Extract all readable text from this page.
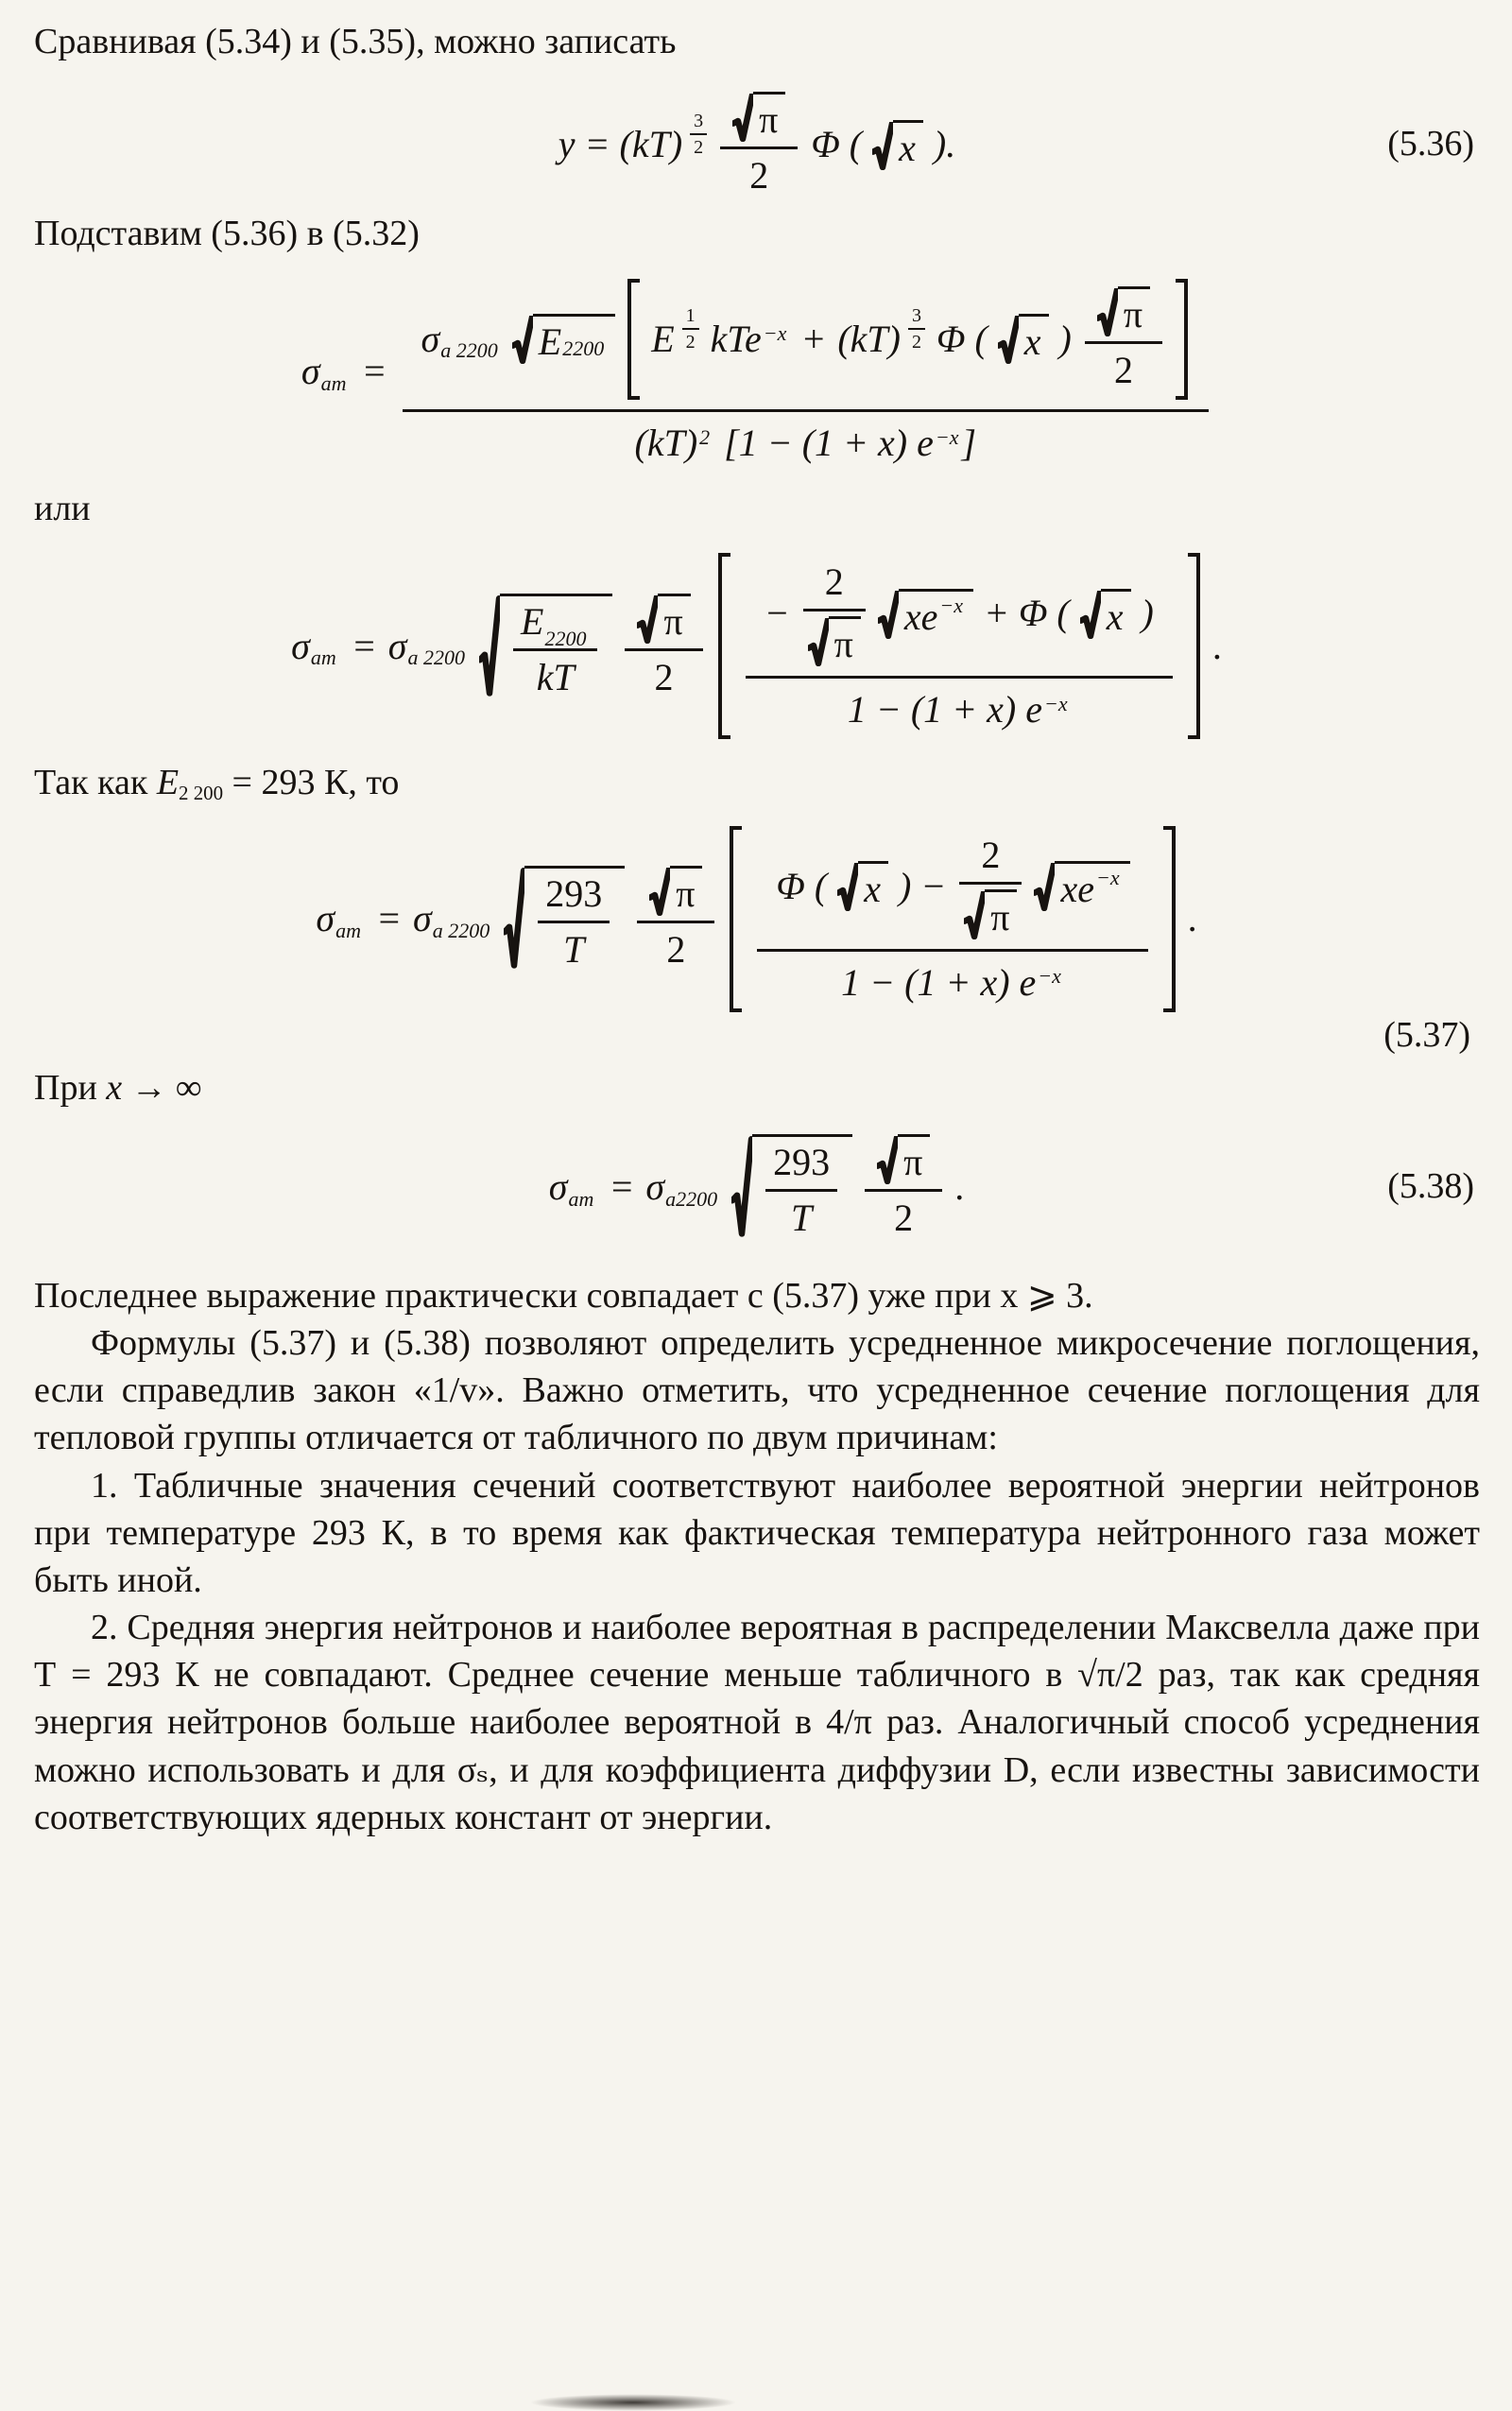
Сравнивая (5.34) и (5.35), можно записать
$y = (kT) \frac{3}{2} \frac{\pi}{2}$ Φ ( x ).	(5.36)
Подставим (5.36) в (5.32)
$\sigma_{am}$ =
$\sigma_{a 2200}$ $E_{2200}$ E $\frac{1}{2} kTe^{-x} + (kT) \frac{3}{2}$ Φ ( x ) $\frac{\pi}{2}$
(kT)$^2$ [1 − (1 + x) $e^{-x}$]
или
$\sigma_{am} = \sigma_{a 2200} \frac{E_{2200}}{kT} \frac{\pi}{2} - \frac{2}{\pi} xe^{-x} + \Phi$ ( x )
1 − (1 + x) $e^{-x}$
.
Так как $E_{2 200} = 293$ К, то
$\sigma_{am} = \sigma_{a 2200} \frac{293}{T} \frac{\pi}{2}$ Φ ( x ) − $\frac{2}{\pi} xe^{-x}$
1 − (1 + x) $e^{-x}$
.
(5.37)
При x → ∞
$\sigma_{am} = \sigma_{a2200} \frac{293}{T} \frac{\pi}{2}$ .	(5.38)
Последнее выражение практически совпадает с (5.37) уже при x ⩾ 3.
Формулы (5.37) и (5.38) позволяют определить усредненное микросечение поглощения, если справедлив закон «1/v». Важно отметить, что усредненное сечение поглощения для тепловой группы отличается от табличного по двум причинам:
1. Табличные значения сечений соответствуют наиболее вероятной энергии нейтронов при температуре 293 К, в то время как фактическая температура нейтронного газа может быть иной.
2. Средняя энергия нейтронов и наиболее вероятная в распределении Максвелла даже при Т = 293 К не совпадают. Среднее сечение меньше табличного в √π/2 раз, так как средняя энергия нейтронов больше наиболее вероятной в 4/π раз. Аналогичный способ усреднения можно использовать и для σₛ, и для коэффициента диффузии D, если известны зависимости соответствующих ядерных констант от энергии.
